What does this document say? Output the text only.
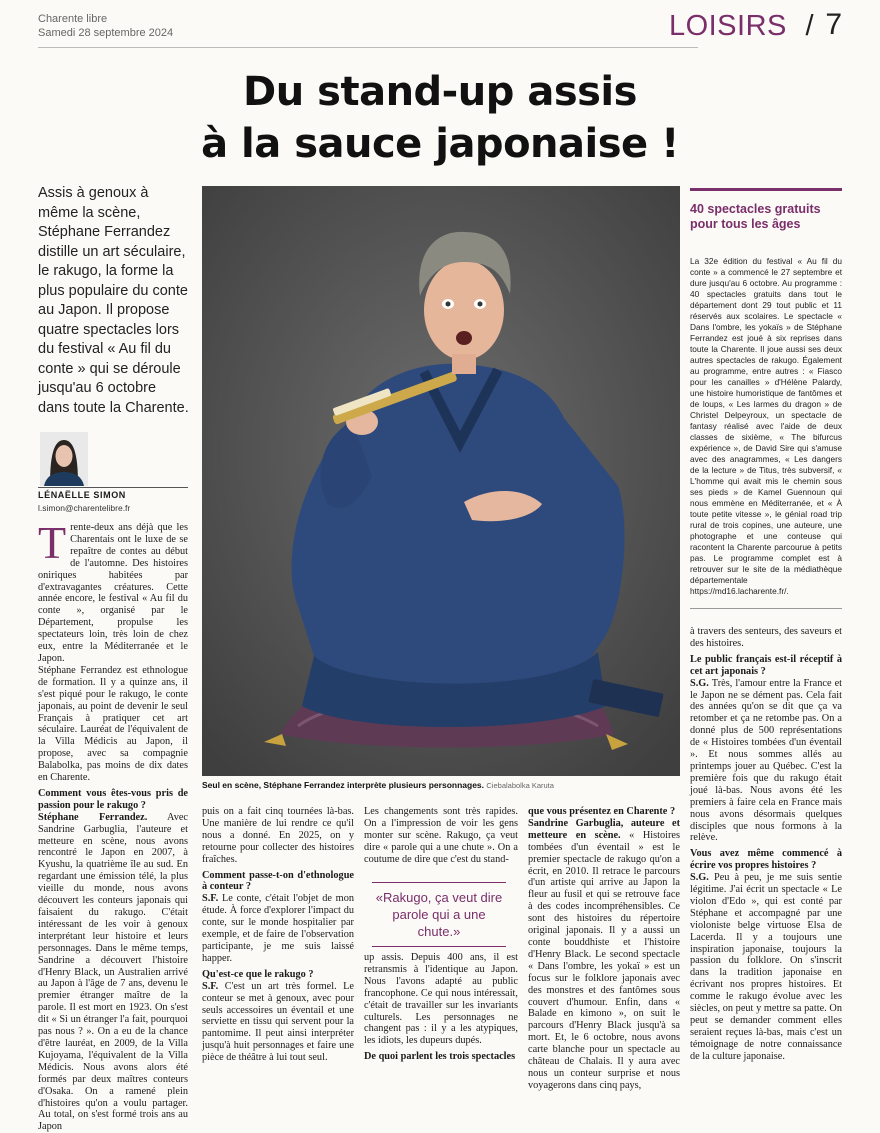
Charente libre
Samedi 28 septembre 2024	LOISIRS / 7
Du stand-up assis
à la sauce japonaise !
Assis à genoux à même la scène, Stéphane Ferrandez distille un art séculaire, le rakugo, la forme la plus populaire du conte au Japon. Il propose quatre spectacles lors du festival « Au fil du conte » qui se déroule jusqu'au 6 octobre dans toute la Charente.
LÉNAËLLE SIMON
l.simon@charentelibre.fr
T rente-deux ans déjà que les Charentais ont le luxe de se repaître de contes au début de l'automne. Des histoires oniriques habitées par d'extravagantes créatures. Cette année encore, le festival « Au fil du conte », organisé par le Département, propulse les spectateurs loin, très loin de chez eux, entre la Méditerranée et le Japon.

Stéphane Ferrandez est ethnologue de formation. Il y a quinze ans, il s'est piqué pour le rakugo, le conte japonais, au point de devenir le seul Français à pratiquer cet art séculaire. Lauréat de l'équivalent de la Villa Médicis au Japon, il propose, avec sa compagnie Balabolka, pas moins de dix dates en Charente.

Comment vous êtes-vous pris de passion pour le rakugo ?

Stéphane Ferrandez. Avec Sandrine Garbuglia, l'auteure et metteure en scène, nous avons rencontré le Japon en 2007, à Kyushu, la quatrième île au sud. En regardant une émission télé, la plus vieille du monde, nous avons découvert les conteurs japonais qui faisaient du rakugo. C'était intéressant de les voir à genoux interprétant leur histoire et leurs personnages. Dans le même temps, Sandrine a découvert l'histoire d'Henry Black, un Australien arrivé au Japon à l'âge de 7 ans, devenu le premier étranger maître de la parole. Il est mort en 1923. On s'est dit « Si un étranger l'a fait, pourquoi pas nous ? ». On a eu de la chance d'être lauréat, en 2009, de la Villa Kujoyama, l'équivalent de la Villa Médicis. Nous avons alors été formés par deux maîtres conteurs d'Osaka. On a ramené plein d'histoires qu'on a voulu partager. Au total, on s'est formé trois ans au Japon

Seul en scène, Stéphane Ferrandez interprète plusieurs personnages. Ciebalabolka Karuta

puis on a fait cinq tournées là-bas. Une manière de lui rendre ce qu'il nous a donné. En 2025, on y retourne pour collecter des histoires fraîches.

Comment passe-t-on d'ethnologue à conteur ?

S.F. Le conte, c'était l'objet de mon étude. À force d'explorer l'impact du conte, sur le monde hospitalier par exemple, et de faire de l'observation participante, je me suis laissé happer.

Qu'est-ce que le rakugo ?

S.F. C'est un art très formel. Le conteur se met à genoux, avec pour seuls accessoires un éventail et une serviette en tissu qui servent pour la pantomime. Il peut ainsi interpréter jusqu'à huit personnages et faire une pièce de théâtre à lui tout seul.

Les changements sont très rapides. On a l'impression de voir les gens monter sur scène. Rakugo, ça veut dire « parole qui a une chute ». On a coutume de dire que c'est du stand-

«Rakugo, ça veut dire parole qui a une chute.»

up assis. Depuis 400 ans, il est retransmis à l'identique au Japon. Nous l'avons adapté au public francophone. Ce qui nous intéressait, c'était de travailler sur les invariants culturels. Les personnages ne changent pas : il y a les atypiques, les idiots, les dupeurs dupés.

De quoi parlent les trois spectacles

que vous présentez en Charente ?

Sandrine Garbuglia, auteure et metteure en scène. « Histoires tombées d'un éventail » est le premier spectacle de rakugo qu'on a écrit, en 2010. Il retrace le parcours d'un artiste qui arrive au Japon la fleur au fusil et qui se retrouve face à des codes incompréhensibles. Ce sont des histoires du répertoire original japonais. Il y a aussi un conte bouddhiste et l'histoire d'Henry Black. Le second spectacle « Dans l'ombre, les yokaï » est un focus sur le folklore japonais avec des monstres et des fantômes sous couvert d'humour. Enfin, dans « Balade en kimono », on suit le parcours d'Henry Black jusqu'à sa mort. Et, le 6 octobre, nous avons carte blanche pour un spectacle au château de Chalais. Il y aura avec nous un conteur surprise et nous voyagerons dans cinq pays,

40 spectacles gratuits pour tous les âges
La 32e édition du festival « Au fil du conte » a commencé le 27 septembre et dure jusqu'au 6 octobre. Au programme : 40 spectacles gratuits dans tout le département dont 29 tout public et 11 réservés aux scolaires. Le spectacle « Dans l'ombre, les yokaïs » de Stéphane Ferrandez est joué à six reprises dans toute la Charente. Il joue aussi ses deux autres spectacles de rakugo. Également au programme, entre autres : « Fiasco pour les canailles » d'Hélène Palardy, une histoire humoristique de fantômes et de loups, « Les larmes du dragon » de Christel Delpeyroux, un spectacle de fantasy réalisé avec l'aide de deux classes de sixième, « The bifurcus expérience », de David Sire qui s'amuse avec des anagrammes, « Les dangers de la lecture » de Titus, très subversif, « L'homme qui avait mis le chemin sous ses pieds » de Kamel Guennoun qui nous emmène en Méditerranée, et « À toute petite vitesse », le génial road trip rural de trois copines, une auteure, une photographe et une conteuse qui racontent la Charente parcourue à petits pas. Le programme complet est à retrouver sur le site de la médiathèque départementale https://md16.lacharente.fr/.

à travers des senteurs, des saveurs et des histoires.

Le public français est-il réceptif à cet art japonais ?

S.G. Très, l'amour entre la France et le Japon ne se dément pas. Cela fait des années qu'on se dit que ça va retomber et ça ne retombe pas. On a donné plus de 500 représentations de « Histoires tombées d'un éventail ». Et nous sommes allés au printemps jouer au Québec. C'est la première fois que du rakugo était joué là-bas. Nous avons été les premiers à faire cela en France mais nous avons désormais quelques disciples que nous formons à la relève.

Vous avez même commencé à écrire vos propres histoires ?

S.G. Peu à peu, je me suis sentie légitime. J'ai écrit un spectacle « Le violon d'Edo », qui est conté par Stéphane et accompagné par une violoniste belge virtuose Elsa de Lacerda. Il y a toujours une inspiration japonaise, toujours la passion du folklore. On s'inscrit dans la tradition japonaise en écrivant nos propres histoires. Et comme le rakugo évolue avec les siècles, on peut y mettre sa patte. On peut se demander comment elles seraient reçues là-bas, mais c'est un témoignage de notre connaissance de la culture japonaise.
